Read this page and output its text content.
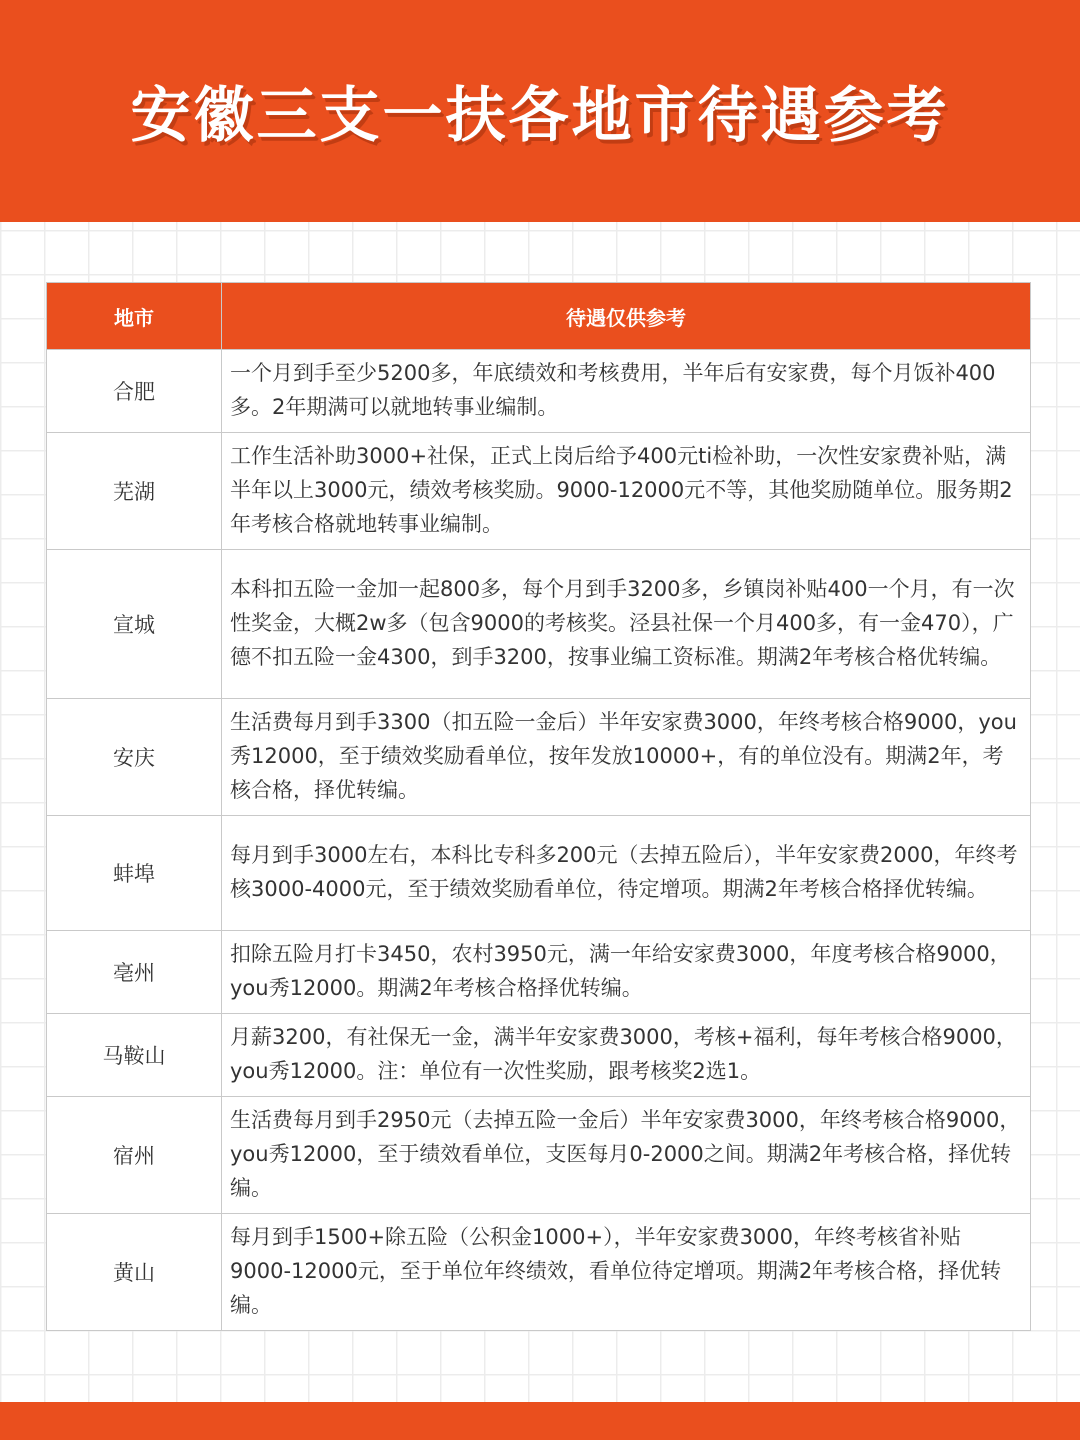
安徽三支一扶各地市待遇参考
地市	待遇仅供参考
合肥	一个月到手至少5200多，年底绩效和考核费用，半年后有安家费，每个月饭补400多。2年期满可以就地转事业编制。
芜湖	工作生活补助3000+社保，正式上岗后给予400元ti检补助，一次性安家费补贴，满半年以上3000元，绩效考核奖励。9000-12000元不等，其他奖励随单位。服务期2年考核合格就地转事业编制。
宣城	本科扣五险一金加一起800多，每个月到手3200多，乡镇岗补贴400一个月，有一次性奖金，大概2w多（包含9000的考核奖。泾县社保一个月400多，有一金470），广德不扣五险一金4300，到手3200，按事业编工资标准。期满2年考核合格优转编。
安庆	生活费每月到手3300（扣五险一金后）半年安家费3000，年终考核合格9000，you秀12000，至于绩效奖励看单位，按年发放10000+，有的单位没有。期满2年，考核合格，择优转编。
蚌埠	每月到手3000左右，本科比专科多200元（去掉五险后），半年安家费2000，年终考核3000-4000元，至于绩效奖励看单位，待定增项。期满2年考核合格择优转编。
亳州	扣除五险月打卡3450，农村3950元，满一年给安家费3000，年度考核合格9000，you秀12000。期满2年考核合格择优转编。
马鞍山	月薪3200，有社保无一金，满半年安家费3000，考核+福利，每年考核合格9000，you秀12000。注：单位有一次性奖励，跟考核奖2选1。
宿州	生活费每月到手2950元（去掉五险一金后）半年安家费3000，年终考核合格9000，you秀12000，至于绩效看单位，支医每月0-2000之间。期满2年考核合格，择优转编。
黄山	每月到手1500+除五险（公积金1000+），半年安家费3000，年终考核省补贴9000-12000元，至于单位年终绩效，看单位待定增项。期满2年考核合格，择优转编。
